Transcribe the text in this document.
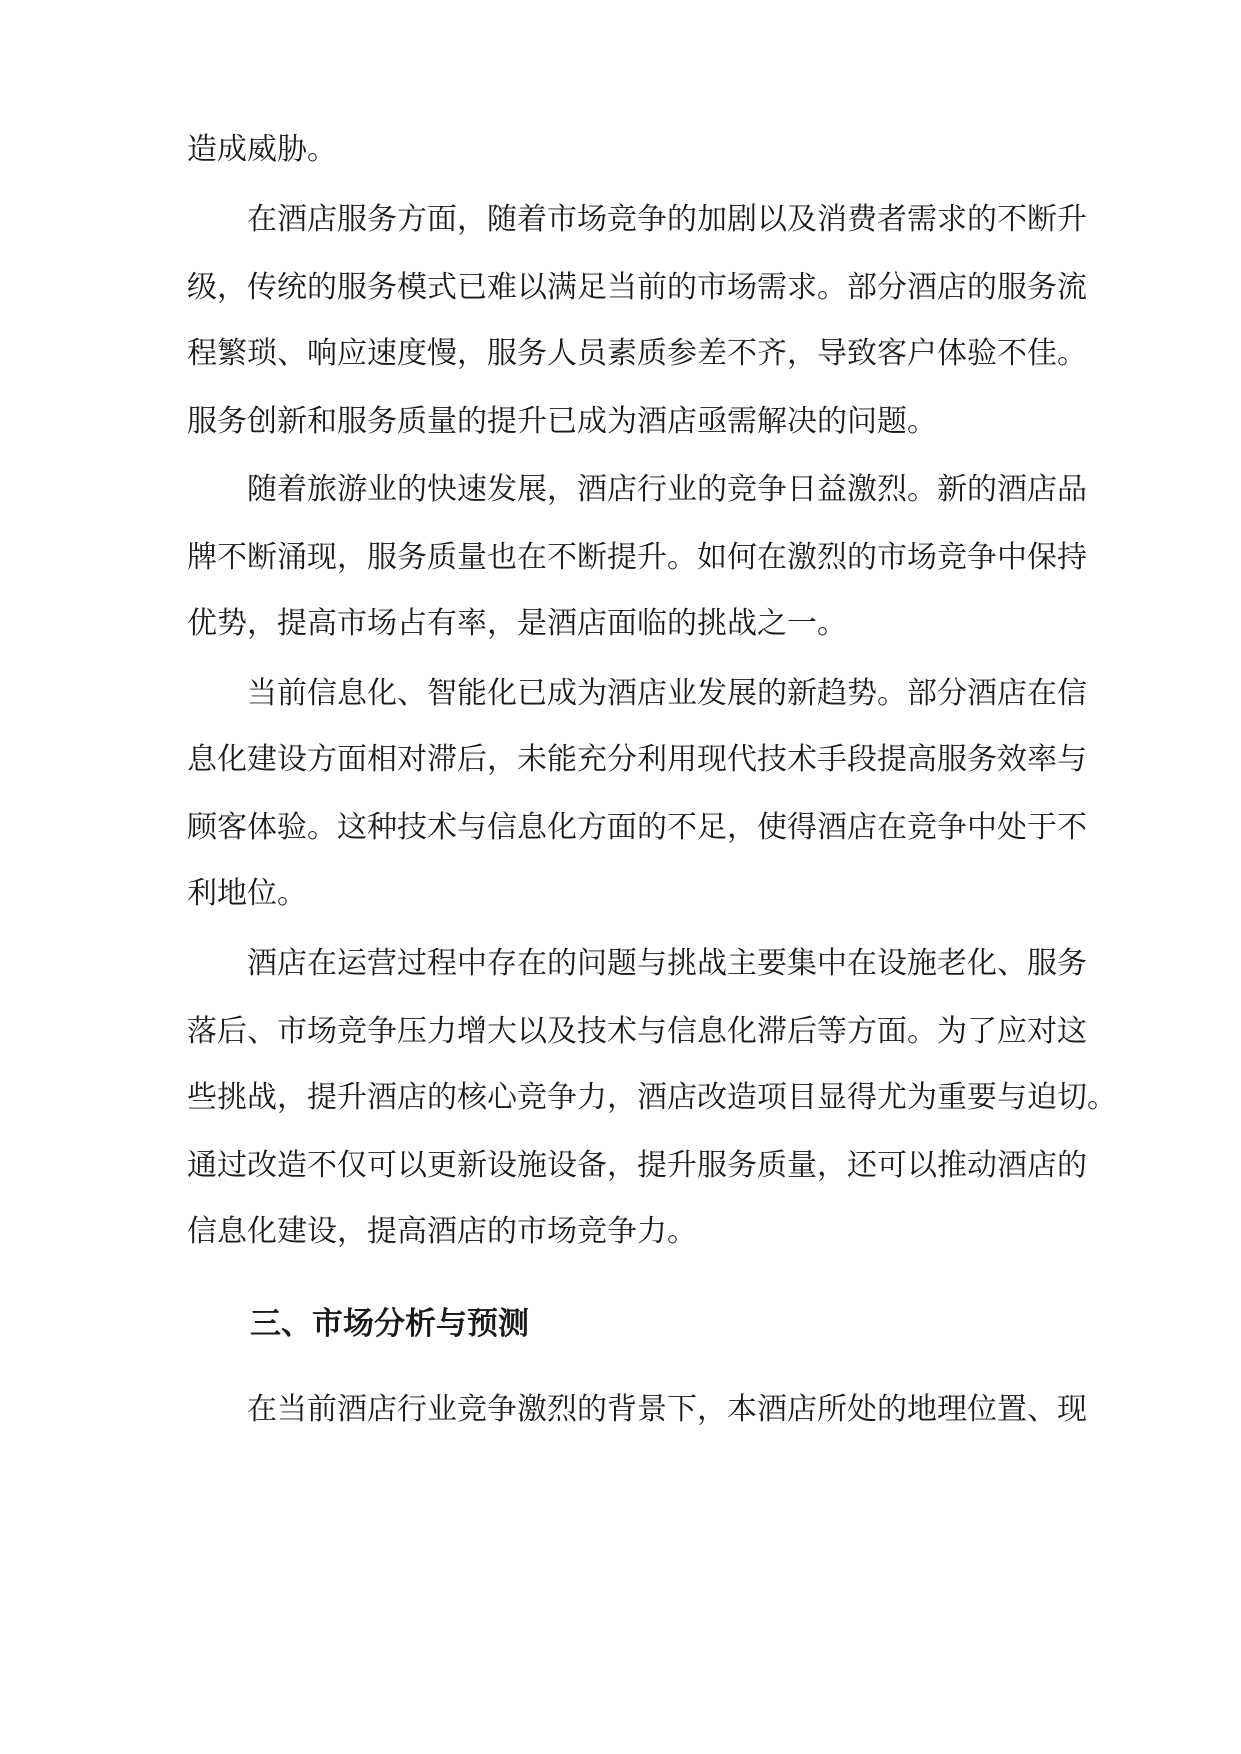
造成威胁。
在酒店服务方面，随着市场竞争的加剧以及消费者需求的不断升
级，传统的服务模式已难以满足当前的市场需求。部分酒店的服务流
程繁琐、响应速度慢，服务人员素质参差不齐，导致客户体验不佳。
服务创新和服务质量的提升已成为酒店亟需解决的问题。
随着旅游业的快速发展，酒店行业的竞争日益激烈。新的酒店品
牌不断涌现，服务质量也在不断提升。如何在激烈的市场竞争中保持
优势，提高市场占有率，是酒店面临的挑战之一。
当前信息化、智能化已成为酒店业发展的新趋势。部分酒店在信
息化建设方面相对滞后，未能充分利用现代技术手段提高服务效率与
顾客体验。这种技术与信息化方面的不足，使得酒店在竞争中处于不
利地位。
酒店在运营过程中存在的问题与挑战主要集中在设施老化、服务
落后、市场竞争压力增大以及技术与信息化滞后等方面。为了应对这
些挑战，提升酒店的核心竞争力，酒店改造项目显得尤为重要与迫切。
通过改造不仅可以更新设施设备，提升服务质量，还可以推动酒店的
信息化建设，提高酒店的市场竞争力。
三、市场分析与预测
在当前酒店行业竞争激烈的背景下，本酒店所处的地理位置、现
